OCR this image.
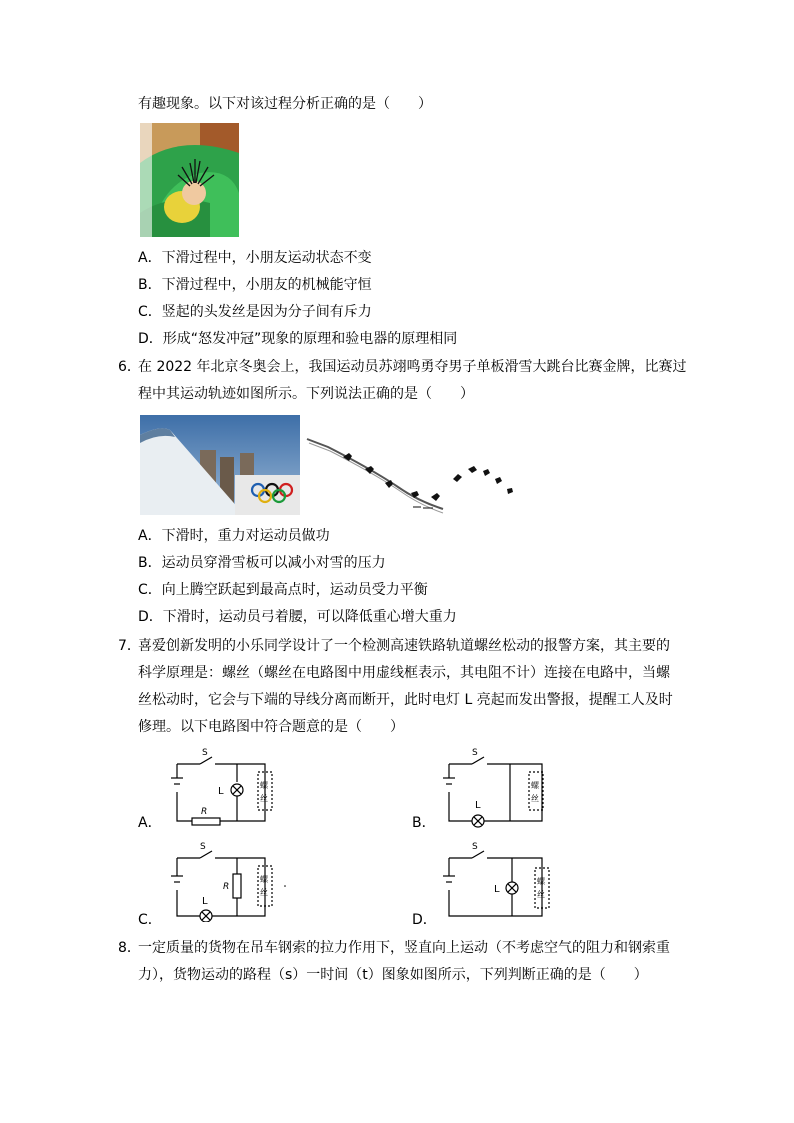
有趣现象。以下对该过程分析正确的是（　　）
A．下滑过程中，小朋友运动状态不变
B．下滑过程中，小朋友的机械能守恒
C．竖起的头发丝是因为分子间有斥力
D．形成“怒发冲冠”现象的原理和验电器的原理相同
6．
在 2022 年北京冬奥会上，我国运动员苏翊鸣勇夺男子单板滑雪大跳台比赛金牌，比赛过
程中其运动轨迹如图所示。下列说法正确的是（　　）
A．下滑时，重力对运动员做功
B．运动员穿滑雪板可以减小对雪的压力
C．向上腾空跃起到最高点时，运动员受力平衡
D．下滑时，运动员弓着腰，可以降低重心增大重力
7．
喜爱创新发明的小乐同学设计了一个检测高速铁路轨道螺丝松动的报警方案，其主要的
科学原理是：螺丝（螺丝在电路图中用虚线框表示，其电阻不计）连接在电路中，当螺
丝松动时，它会与下端的导线分离而断开，此时电灯 L 亮起而发出警报，提醒工人及时
修理。以下电路图中符合题意的是（　　）
A．
S
L
R
螺
丝
B．
S
L
螺
丝
C．
S
L
R
螺
丝
D．
S
L
螺
丝
8．
一定质量的货物在吊车钢索的拉力作用下，竖直向上运动（不考虑空气的阻力和钢索重
力），货物运动的路程（s）一时间（t）图象如图所示，下列判断正确的是（　　）
